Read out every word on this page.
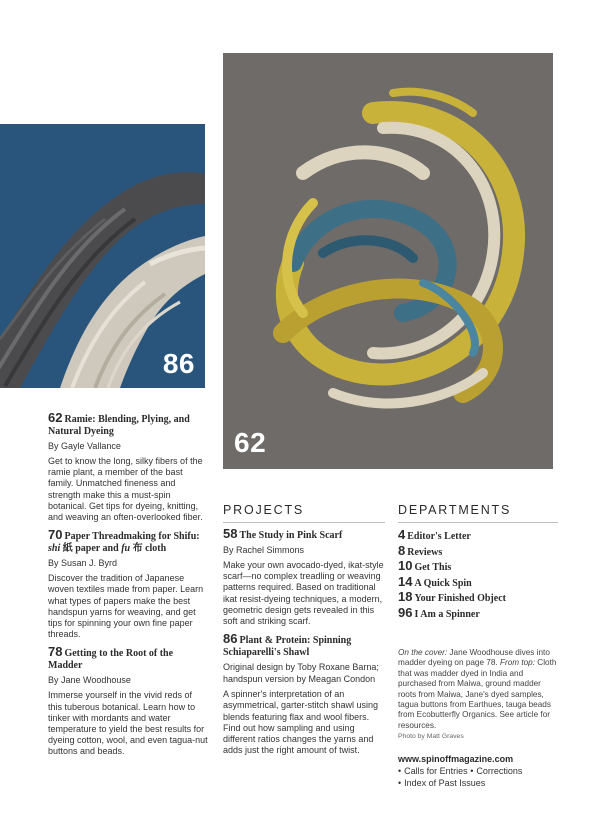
86
62
62 Ramie: Blending, Plying, and Natural Dyeing
By Gayle Vallance
Get to know the long, silky fibers of the ramie plant, a member of the bast family. Unmatched fineness and strength make this a must-spin botanical. Get tips for dyeing, knitting, and weaving an often-overlooked fiber.
70 Paper Threadmaking for Shifu: shi 紙 paper and fu 布 cloth
By Susan J. Byrd
Discover the tradition of Japanese woven textiles made from paper. Learn what types of papers make the best handspun yarns for weaving, and get tips for spinning your own fine paper threads.
78 Getting to the Root of the Madder
By Jane Woodhouse
Immerse yourself in the vivid reds of this tuberous botanical. Learn how to tinker with mordants and water temperature to yield the best results for dyeing cotton, wool, and even tagua-nut buttons and beads.
PROJECTS
58 The Study in Pink Scarf
By Rachel Simmons
Make your own avocado-dyed, ikat-style scarf—no complex treadling or weaving patterns required. Based on traditional ikat resist-dyeing techniques, a modern, geometric design gets revealed in this soft and striking scarf.
86 Plant & Protein: Spinning Schiaparelli's Shawl
Original design by Toby Roxane Barna; handspun version by Meagan Condon
A spinner's interpretation of an asymmetrical, garter-stitch shawl using blends featuring flax and wool fibers. Find out how sampling and using different ratios changes the yarns and adds just the right amount of twist.
DEPARTMENTS
4 Editor's Letter
8 Reviews
10 Get This
14 A Quick Spin
18 Your Finished Object
96 I Am a Spinner
On the cover: Jane Woodhouse dives into madder dyeing on page 78. From top: Cloth that was madder dyed in India and purchased from Maiwa, ground madder roots from Maiwa, Jane's dyed samples, tagua buttons from Earthues, tauga beads from Ecobutterfly Organics. See article for resources.
Photo by Matt Graves
www.spinoffmagazine.com
• Calls for Entries • Corrections
• Index of Past Issues
